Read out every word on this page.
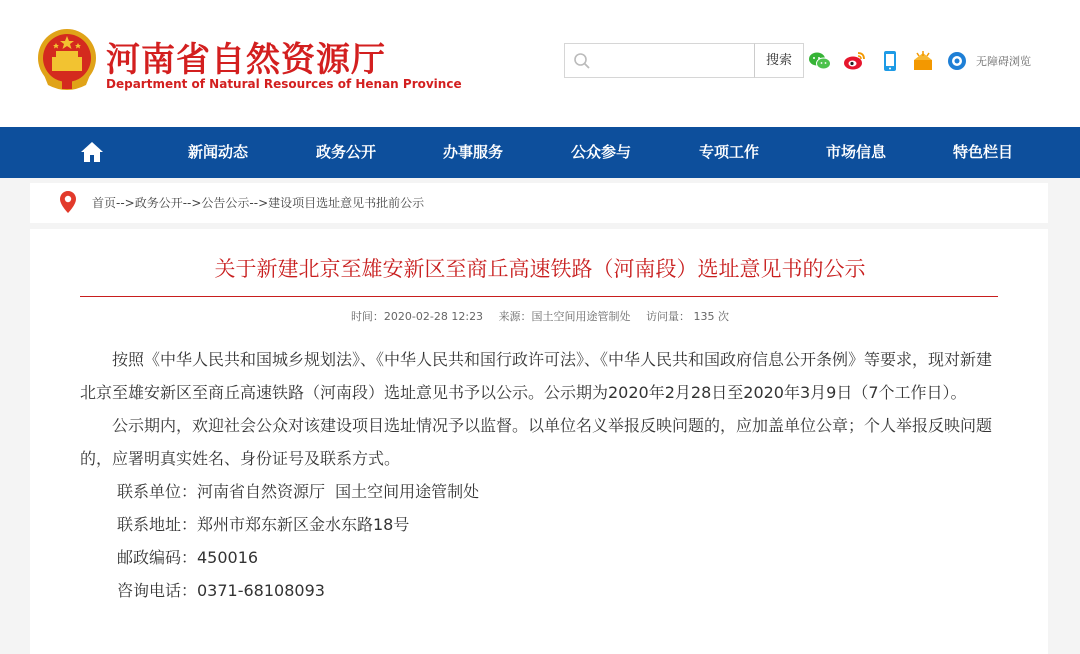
河南省自然资源厅
Department of Natural Resources of Henan Province
搜索	无障碍浏览
新闻动态	政务公开	办事服务	公众参与	专项工作	市场信息	特色栏目
首页-->政务公开-->公告公示-->建设项目选址意见书批前公示
关于新建北京至雄安新区至商丘高速铁路（河南段）选址意见书的公示
时间：2020-02-28 12:23 来源：国土空间用途管制处 访问量： 135 次

按照《中华人民共和国城乡规划法》、《中华人民共和国行政许可法》、《中华人民共和国政府信息公开条例》等要求，现对新建北京至雄安新区至商丘高速铁路（河南段）选址意见书予以公示。公示期为2020年2月28日至2020年3月9日（7个工作日）。

公示期内，欢迎社会公众对该建设项目选址情况予以监督。以单位名义举报反映问题的，应加盖单位公章；个人举报反映问题的，应署明真实姓名、身份证号及联系方式。

联系单位：河南省自然资源厅  国土空间用途管制处

联系地址：郑州市郑东新区金水东路18号

邮政编码：450016

咨询电话：0371-68108093
